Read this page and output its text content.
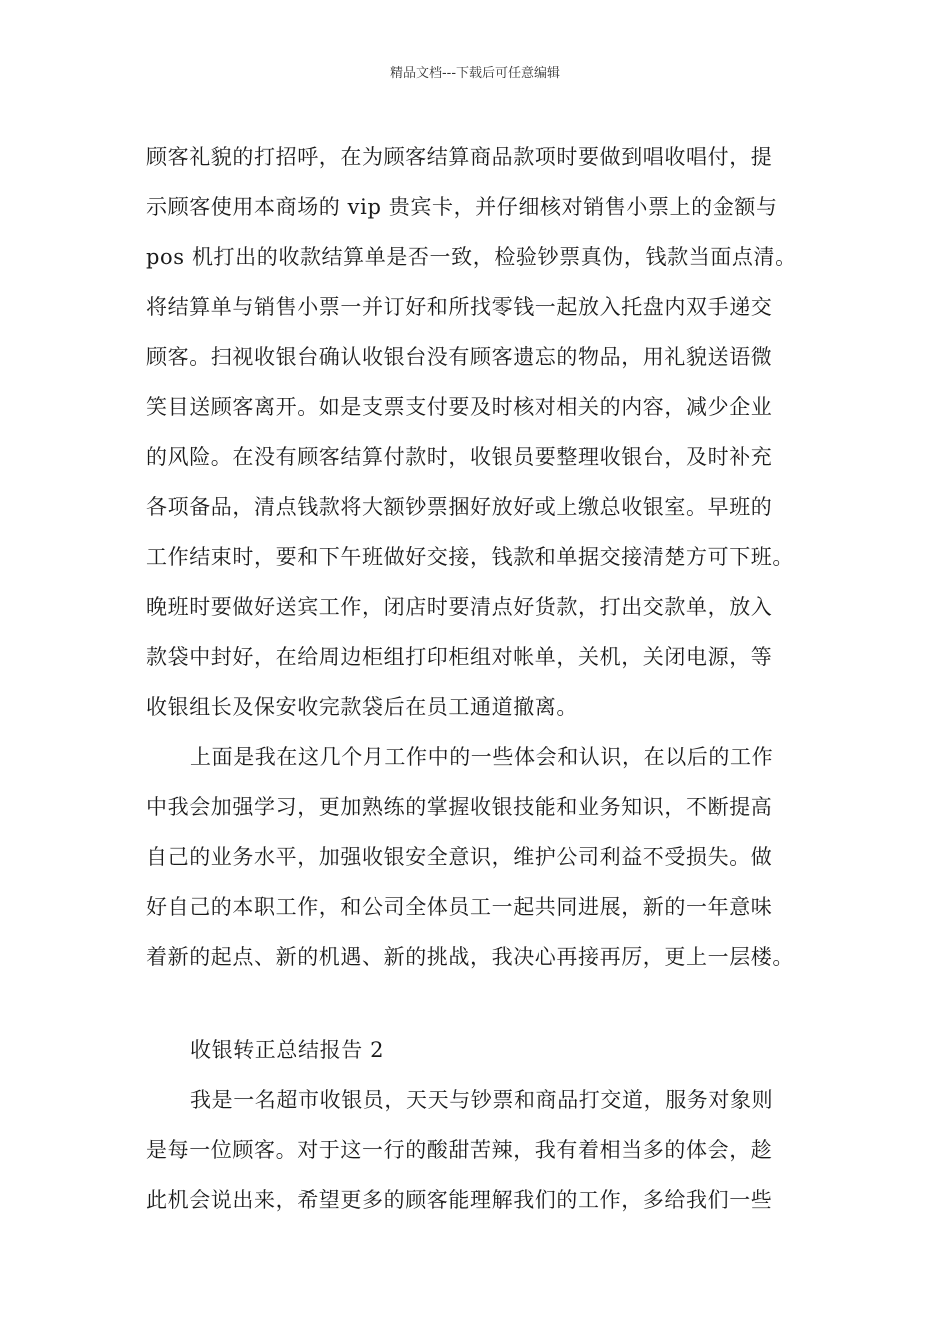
精品文档---下载后可任意编辑
顾客礼貌的打招呼，在为顾客结算商品款项时要做到唱收唱付，提
示顾客使用本商场的 vip 贵宾卡，并仔细核对销售小票上的金额与
pos 机打出的收款结算单是否一致，检验钞票真伪，钱款当面点清。
将结算单与销售小票一并订好和所找零钱一起放入托盘内双手递交
顾客。扫视收银台确认收银台没有顾客遗忘的物品，用礼貌送语微
笑目送顾客离开。如是支票支付要及时核对相关的内容，减少企业
的风险。在没有顾客结算付款时，收银员要整理收银台，及时补充
各项备品，清点钱款将大额钞票捆好放好或上缴总收银室。早班的
工作结束时，要和下午班做好交接，钱款和单据交接清楚方可下班。
晚班时要做好送宾工作，闭店时要清点好货款，打出交款单，放入
款袋中封好，在给周边柜组打印柜组对帐单，关机，关闭电源，等
收银组长及保安收完款袋后在员工通道撤离。
上面是我在这几个月工作中的一些体会和认识，在以后的工作
中我会加强学习，更加熟练的掌握收银技能和业务知识，不断提高
自己的业务水平，加强收银安全意识，维护公司利益不受损失。做
好自己的本职工作，和公司全体员工一起共同进展，新的一年意味
着新的起点、新的机遇、新的挑战，我决心再接再厉，更上一层楼。
收银转正总结报告 2
我是一名超市收银员，天天与钞票和商品打交道，服务对象则
是每一位顾客。对于这一行的酸甜苦辣，我有着相当多的体会，趁
此机会说出来，希望更多的顾客能理解我们的工作，多给我们一些
